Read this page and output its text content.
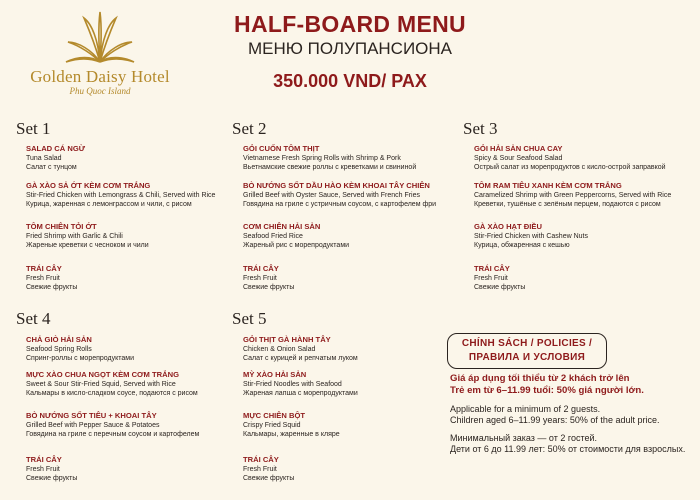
Golden Daisy Hotel
Phu Quoc Island
HALF-BOARD MENU
МЕНЮ ПОЛУПАНСИОНА
350.000 VND/ PAX
Set 1
SALAD CÁ NGỪ
Tuna Salad
Салат с тунцом
GÀ XÀO SẢ ỚT KÈM CƠM TRẮNG
Stir-Fried Chicken with Lemongrass & Chili, Served with Rice
Курица, жаренная с лемонграссом и чили, с рисом
TÔM CHIÊN TỎI ỚT
Fried Shrimp with Garlic & Chili
Жареные креветки с чесноком и чили
TRÁI CÂY
Fresh Fruit
Свежие фрукты
Set 2
GỎI CUỐN TÔM THỊT
Vietnamese Fresh Spring Rolls with Shrimp & Pork
Вьетнамские свежие роллы с креветками и свининой
BÒ NƯỚNG SỐT DẦU HÀO KÈM KHOAI TÂY CHIÊN
Grilled Beef with Oyster Sauce, Served with French Fries
Говядина на гриле с устричным соусом, с картофелем фри
CƠM CHIÊN HẢI SẢN
Seafood Fried Rice
Жареный рис с морепродуктами
TRÁI CÂY
Fresh Fruit
Свежие фрукты
Set 3
GỎI HẢI SẢN CHUA CAY
Spicy & Sour Seafood Salad
Острый салат из морепродуктов с кисло-острой заправкой
TÔM RAM TIÊU XANH KÈM CƠM TRẮNG
Caramelized Shrimp with Green Peppercorns, Served with Rice
Креветки, тушёные с зелёным перцем, подаются с рисом
GÀ XÀO HẠT ĐIỀU
Stir-Fried Chicken with Cashew Nuts
Курица, обжаренная с кешью
TRÁI CÂY
Fresh Fruit
Свежие фрукты
Set 4
CHẢ GIÒ HẢI SẢN
Seafood Spring Rolls
Спринг-роллы с морепродуктами
MỰC XÀO CHUA NGỌT KÈM CƠM TRẮNG
Sweet & Sour Stir-Fried Squid, Served with Rice
Кальмары в кисло-сладком соусе, подаются с рисом
BÒ NƯỚNG SỐT TIÊU + KHOAI TÂY
Grilled Beef with Pepper Sauce & Potatoes
Говядина на гриле с перечным соусом и картофелем
TRÁI CÂY
Fresh Fruit
Свежие фрукты
Set 5
GỎI THỊT GÀ HÀNH TÂY
Chicken & Onion Salad
Салат с курицей и репчатым луком
MỲ XÀO HẢI SẢN
Stir-Fried Noodles with Seafood
Жареная лапша с морепродуктами
MỰC CHIÊN BỘT
Crispy Fried Squid
Кальмары, жаренные в кляре
TRÁI CÂY
Fresh Fruit
Свежие фрукты
CHÍNH SÁCH / POLICIES /
ПРАВИЛА И УСЛОВИЯ
Giá áp dụng tối thiểu từ 2 khách trở lên
Trẻ em từ 6–11.99 tuổi: 50% giá người lớn.
Applicable for a minimum of 2 guests.
Children aged 6–11.99 years: 50% of the adult price.
Минимальный заказ — от 2 гостей.
Дети от 6 до 11.99 лет: 50% от стоимости для взрослых.
